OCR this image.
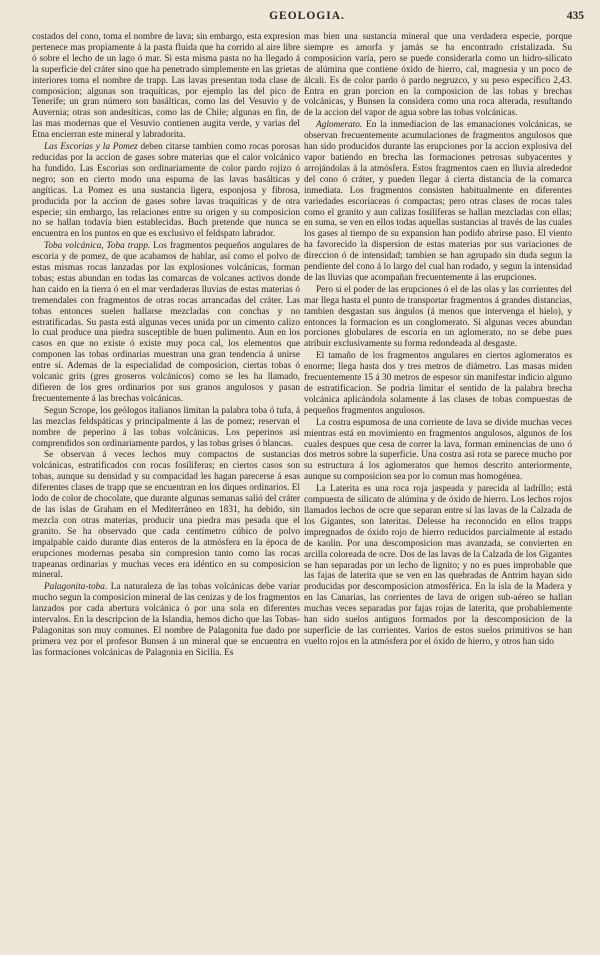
GEOLOGIA.	435

costados del cono, toma el nombre de lava; sin embargo, esta expresion pertenece mas propiamente á la pasta fluida que ha corrido al aire libre ó sobre el lecho de un lago ó mar. Si esta misma pasta no ha llegado á la superficie del cráter sino que ha penetrado simplemente en las grietas interiores toma el nombre de trapp. Las lavas presentan toda clase de composicion; algunas son traquíticas, por ejemplo las del pico de Tenerife; un gran número son basálticas, como las del Vesuvio y de Auvernia; otras son andesíticas, como las de Chile; algunas en fin, de las mas modernas que el Vesuvio contienen augita verde, y varias del Etna encierran este mineral y labradorita.

Las Escorias y la Pomez deben citarse tambien como rocas porosas reducidas por la accion de gases sobre materias que el calor volcánico ha fundido. Las Escorias son ordinariamente de color pardo rojizo ó negro; son en cierto modo una espuma de las lavas basálticas y angíticas. La Pomez es una sustancia ligera, esponjosa y fibrosa, producida por la accion de gases sobre lavas traquíticas y de otra especie; sin embargo, las relaciones entre su origen y su composicion no se hallan todavía bien establecidas. Buch pretende que nunca se encuentra en los puntos en que es exclusivo el feldspato labrador.

Toba volcánica, Toba trapp. Los fragmentos pequeños angulares de escoria y de pomez, de que acabamos de hablar, así como el polvo de estas mismas rocas lanzadas por las explosiones volcánicas, forman tobas; estas abundan en todas las comarcas de volcanes activos donde han caido en la tierra ó en el mar verdaderas lluvias de estas materias ó tremendales con fragmentos de otras rocas arrancadas del cráter. Las tobas entonces suelen hallarse mezcladas con conchas y no estratificadas. Su pasta está algunas veces unida por un cimento calizo lo cual produce una piedra susceptible de buen pulimento. Aun en los casos en que no existe ó existe muy poca cal, los elementos que componen las tobas ordinarias muestran una gran tendencia á unirse entre sí. Ademas de la especialidad de composicion, ciertas tobas ó volcanic grits (gres groseros volcánicos) como se les ha llamado, difieren de los gres ordinarios por sus granos angulosos y pasan frecuentemente á las brechas volcánicas.

Segun Scrope, los geólogos italianos limitan la palabra toba ó tufa, á las mezclas feldspáticas y principalmente á las de pomez; reservan el nombre de peperino á las tobas volcánicas. Los peperinos así comprendidos son ordinariamente pardos, y las tobas grises ó blancas.

Se observan á veces lechos muy compactos de sustancias volcánicas, estratificados con rocas fosíliferas; en ciertos casos son tobas, aunque su densidad y su compacidad les hagan parecerse á esas diferentes clases de trapp que se encuentran en los diques ordinarios. El lodo de color de chocolate, que durante algunas semanas salió del cráter de las islas de Graham en el Mediterráneo en 1831, ha debido, sin mezcla con otras materias, producir una piedra mas pesada que el granito. Se ha observado que cada centímetro cúbico de polvo impalpable caido durante dias enteros de la atmósfera en la época de erupciones modernas pesaba sin compresion tanto como las rocas trapeanas ordinarias y muchas veces era idéntico en su composicion mineral.

Palagonita-toba. La naturaleza de las tobas volcánicas debe variar mucho segun la composicion mineral de las cenizas y de los fragmentos lanzados por cada abertura volcánica ó por una sola en diferentes intervalos. En la descripcion de la Islandia, hemos dicho que las Tobas-Palagonitas son muy comunes. El nombre de Palagonita fue dado por primera vez por el profesor Bunsen á un mineral que se encuentra en las formaciones volcánicas de Palagonia en Sicilia. Es

mas bien una sustancia mineral que una verdadera especie, porque siempre es amorfa y jamás se ha encontrado cristalizada. Su composicion varía, pero se puede considerarla como un hidro-silicato de alúmina que contiene óxido de hierro, cal, magnesia y un poco de álcali. Es de color pardo ó pardo negruzco, y su peso específico 2,43. Entra en gran porcion en la composicion de las tobas y brechas volcánicas, y Bunsen la considera como una roca alterada, resultando de la accion del vapor de agua sobre las tobas volcánicas.

Aglomerato. En la inmediacion de las emanaciones volcánicas, se observan frecuentemente acumulaciones de fragmentos angulosos que han sido producidos durante las erupciones por la accion explosiva del vapor batiendo en brecha las formaciones petrosas subyacentes y arrojándolas á la atmósfera. Estos fragmentos caen en lluvia alrededor del cono ó cráter, y pueden llegar á cierta distancia de la comarca inmediata. Los fragmentos consisten habitualmente en diferentes variedades escoríaceas ó compactas; pero otras clases de rocas tales como el granito y aun calizas fosilíferas se hallan mezcladas con ellas; en suma, se ven en ellos todas aquellas sustancias al través de las cuales los gases al tiempo de su expansion han podido abrirse paso. El viento ha favorecido la dispersion de estas materias por sus variaciones de direccion ó de intensidad; tambien se han agrupado sin duda segun la pendiente del cono á lo largo del cual han rodado, y segun la intensidad de las lluvias que acompañan frecuentemente á las erupciones.

Pero si el poder de las erupciones ó el de las olas y las corrientes del mar llega hasta el punto de transportar fragmentos á grandes distancias, tambien desgastan sus ángulos (á menos que intervenga el hielo), y entonces la formacion es un conglomerato. Si algunas veces abundan porciones globulares de escoria en un aglomerato, no se debe pues atribuir exclusivamente su forma redondeada al desgaste.

El tamaño de los fragmentos angulares en ciertos aglomeratos es enorme; llega hasta dos y tres metros de diámetro. Las masas miden frecuentemente 15 á 30 metros de espesor sin manifestar indicio alguno de estratificacion. Se podria limitar el sentido de la palabra brecha volcánica aplicándola solamente á las clases de tobas compuestas de pequeños fragmentos angulosos.

La costra espumosa de una corriente de lava se divide muchas veces mientras está en movimiento en fragmentos angulosos, algunos de los cuales despues que cesa de correr la lava, forman eminencias de uno ó dos metros sobre la superficie. Una costra así rota se parece mucho por su estructura á los aglomeratos que hemos descrito anteriormente, aunque su composicion sea por lo comun mas homogénea.

La Laterita es una roca roja jaspeada y parecida al ladrillo; está compuesta de silicato de alúmina y de óxido de hierro. Los lechos rojos llamados lechos de ocre que separan entre sí las lavas de la Calzada de los Gigantes, son lateritas. Delesse ha reconocido en ellos trapps impregnados de óxido rojo de hierro reducidos parcialmente al estado de kaolin. Por una descomposicion mas avanzada, se convierten en arcilla coloreada de ocre. Dos de las lavas de la Calzada de los Gigantes se han separadas por un lecho de lignito; y no es pues improbable que las fajas de laterita que se ven en las quebradas de Antrim hayan sido producidas por descomposicion atmosférica. En la isla de la Madera y en las Canarias, las corrientes de lava de origen sub-aéreo se hallan muchas veces separadas por fajas rojas de laterita, que probablemente han sido suelos antiguos formados por la descomposicion de la superficie de las corrientes. Varios de estos suelos primitivos se han vuelto rojos en la atmósfera por el óxido de hierro, y otros han sido
